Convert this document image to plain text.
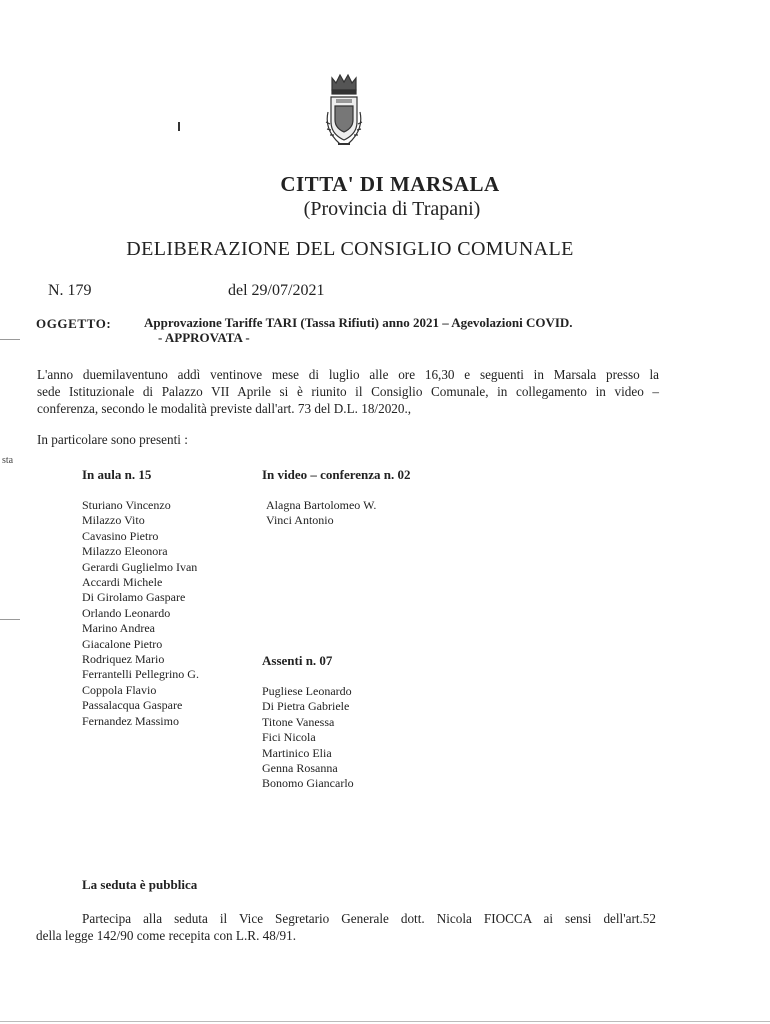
CITTA' DI MARSALA
(Provincia di Trapani)
DELIBERAZIONE DEL CONSIGLIO COMUNALE
N. 179	del 29/07/2021
OGGETTO:	Approvazione Tariffe TARI (Tassa Rifiuti) anno 2021 – Agevolazioni COVID.
- APPROVATA -
L'anno duemilaventuno addì ventinove mese di luglio alle ore 16,30 e seguenti in Marsala presso la
sede Istituzionale di Palazzo VII Aprile si è riunito il Consiglio Comunale, in collegamento in video –
conferenza, secondo le modalità previste dall'art. 73 del D.L. 18/2020.,
In particolare sono presenti :
sta
In aula n. 15	In video – conferenza n. 02
Sturiano Vincenzo
Milazzo Vito
Cavasino Pietro
Milazzo Eleonora
Gerardi Guglielmo Ivan
Accardi Michele
Di Girolamo Gaspare
Orlando Leonardo
Marino Andrea
Giacalone Pietro
Rodriquez Mario
Ferrantelli Pellegrino G.
Coppola Flavio
Passalacqua Gaspare
Fernandez Massimo
Alagna Bartolomeo W.
Vinci Antonio
Assenti n. 07
Pugliese Leonardo
Di Pietra Gabriele
Titone Vanessa
Fici Nicola
Martinico Elia
Genna Rosanna
Bonomo Giancarlo
La seduta è pubblica
Partecipa alla seduta il Vice Segretario Generale dott. Nicola FIOCCA ai sensi dell'art.52
della legge 142/90 come recepita con L.R. 48/91.
